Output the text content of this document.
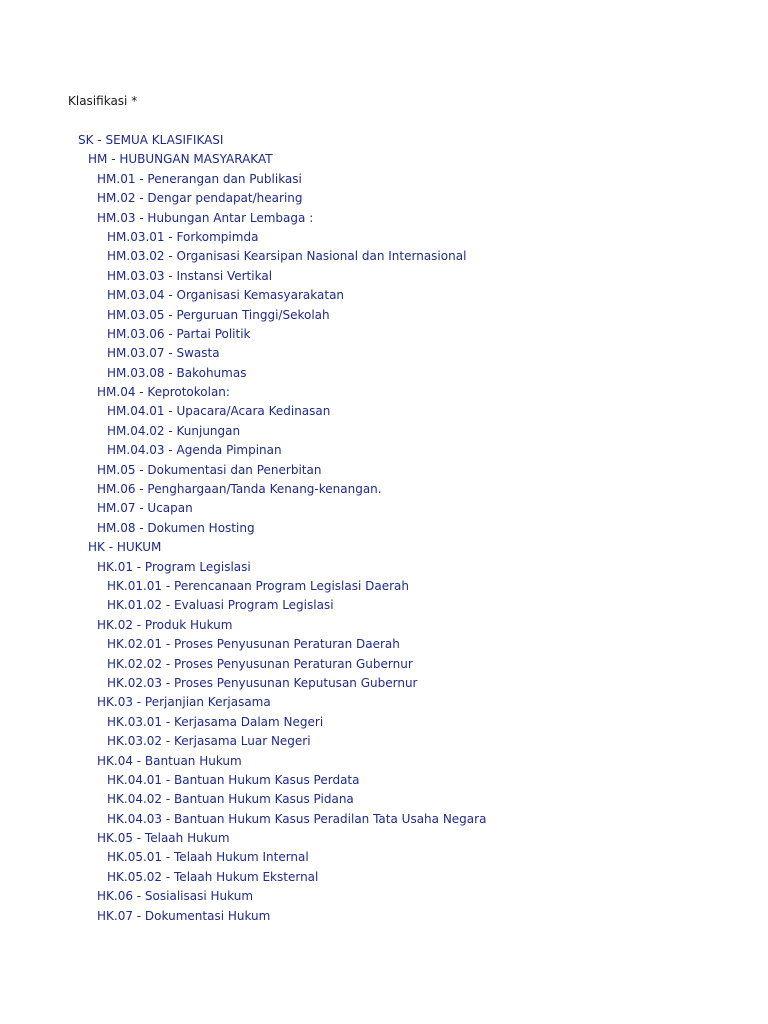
Klasifikasi *
SK - SEMUA KLASIFIKASI
HM - HUBUNGAN MASYARAKAT
HM.01 - Penerangan dan Publikasi
HM.02 - Dengar pendapat/hearing
HM.03 - Hubungan Antar Lembaga :
HM.03.01 - Forkompimda
HM.03.02 - Organisasi Kearsipan Nasional dan Internasional
HM.03.03 - Instansi Vertikal
HM.03.04 - Organisasi Kemasyarakatan
HM.03.05 - Perguruan Tinggi/Sekolah
HM.03.06 - Partai Politik
HM.03.07 - Swasta
HM.03.08 - Bakohumas
HM.04 - Keprotokolan:
HM.04.01 - Upacara/Acara Kedinasan
HM.04.02 - Kunjungan
HM.04.03 - Agenda Pimpinan
HM.05 - Dokumentasi dan Penerbitan
HM.06 - Penghargaan/Tanda Kenang-kenangan.
HM.07 - Ucapan
HM.08 - Dokumen Hosting
HK - HUKUM
HK.01 - Program Legislasi
HK.01.01 - Perencanaan Program Legislasi Daerah
HK.01.02 - Evaluasi Program Legislasi
HK.02 - Produk Hukum
HK.02.01 - Proses Penyusunan Peraturan Daerah
HK.02.02 - Proses Penyusunan Peraturan Gubernur
HK.02.03 - Proses Penyusunan Keputusan Gubernur
HK.03 - Perjanjian Kerjasama
HK.03.01 - Kerjasama Dalam Negeri
HK.03.02 - Kerjasama Luar Negeri
HK.04 - Bantuan Hukum
HK.04.01 - Bantuan Hukum Kasus Perdata
HK.04.02 - Bantuan Hukum Kasus Pidana
HK.04.03 - Bantuan Hukum Kasus Peradilan Tata Usaha Negara
HK.05 - Telaah Hukum
HK.05.01 - Telaah Hukum Internal
HK.05.02 - Telaah Hukum Eksternal
HK.06 - Sosialisasi Hukum
HK.07 - Dokumentasi Hukum
